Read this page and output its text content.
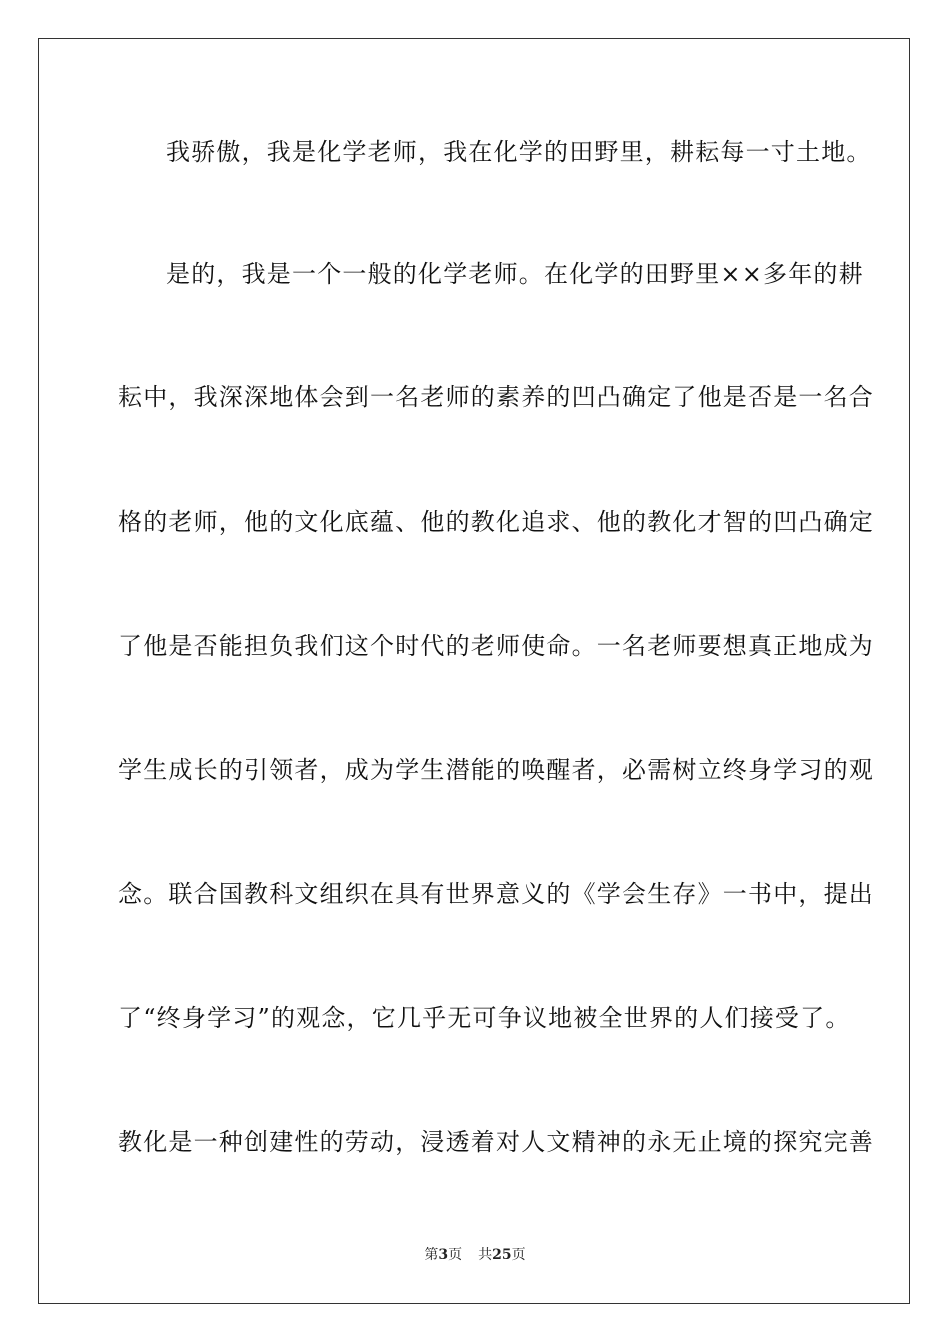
我骄傲，我是化学老师，我在化学的田野里，耕耘每一寸土地。
是的，我是一个一般的化学老师。在化学的田野里××多年的耕
耘中，我深深地体会到一名老师的素养的凹凸确定了他是否是一名合
格的老师，他的文化底蕴、他的教化追求、他的教化才智的凹凸确定
了他是否能担负我们这个时代的老师使命。一名老师要想真正地成为
学生成长的引领者，成为学生潜能的唤醒者，必需树立终身学习的观
念。联合国教科文组织在具有世界意义的《学会生存》一书中，提出
了“终身学习”的观念，它几乎无可争议地被全世界的人们接受了。
教化是一种创建性的劳动，浸透着对人文精神的永无止境的探究完善
第3页 共25页
